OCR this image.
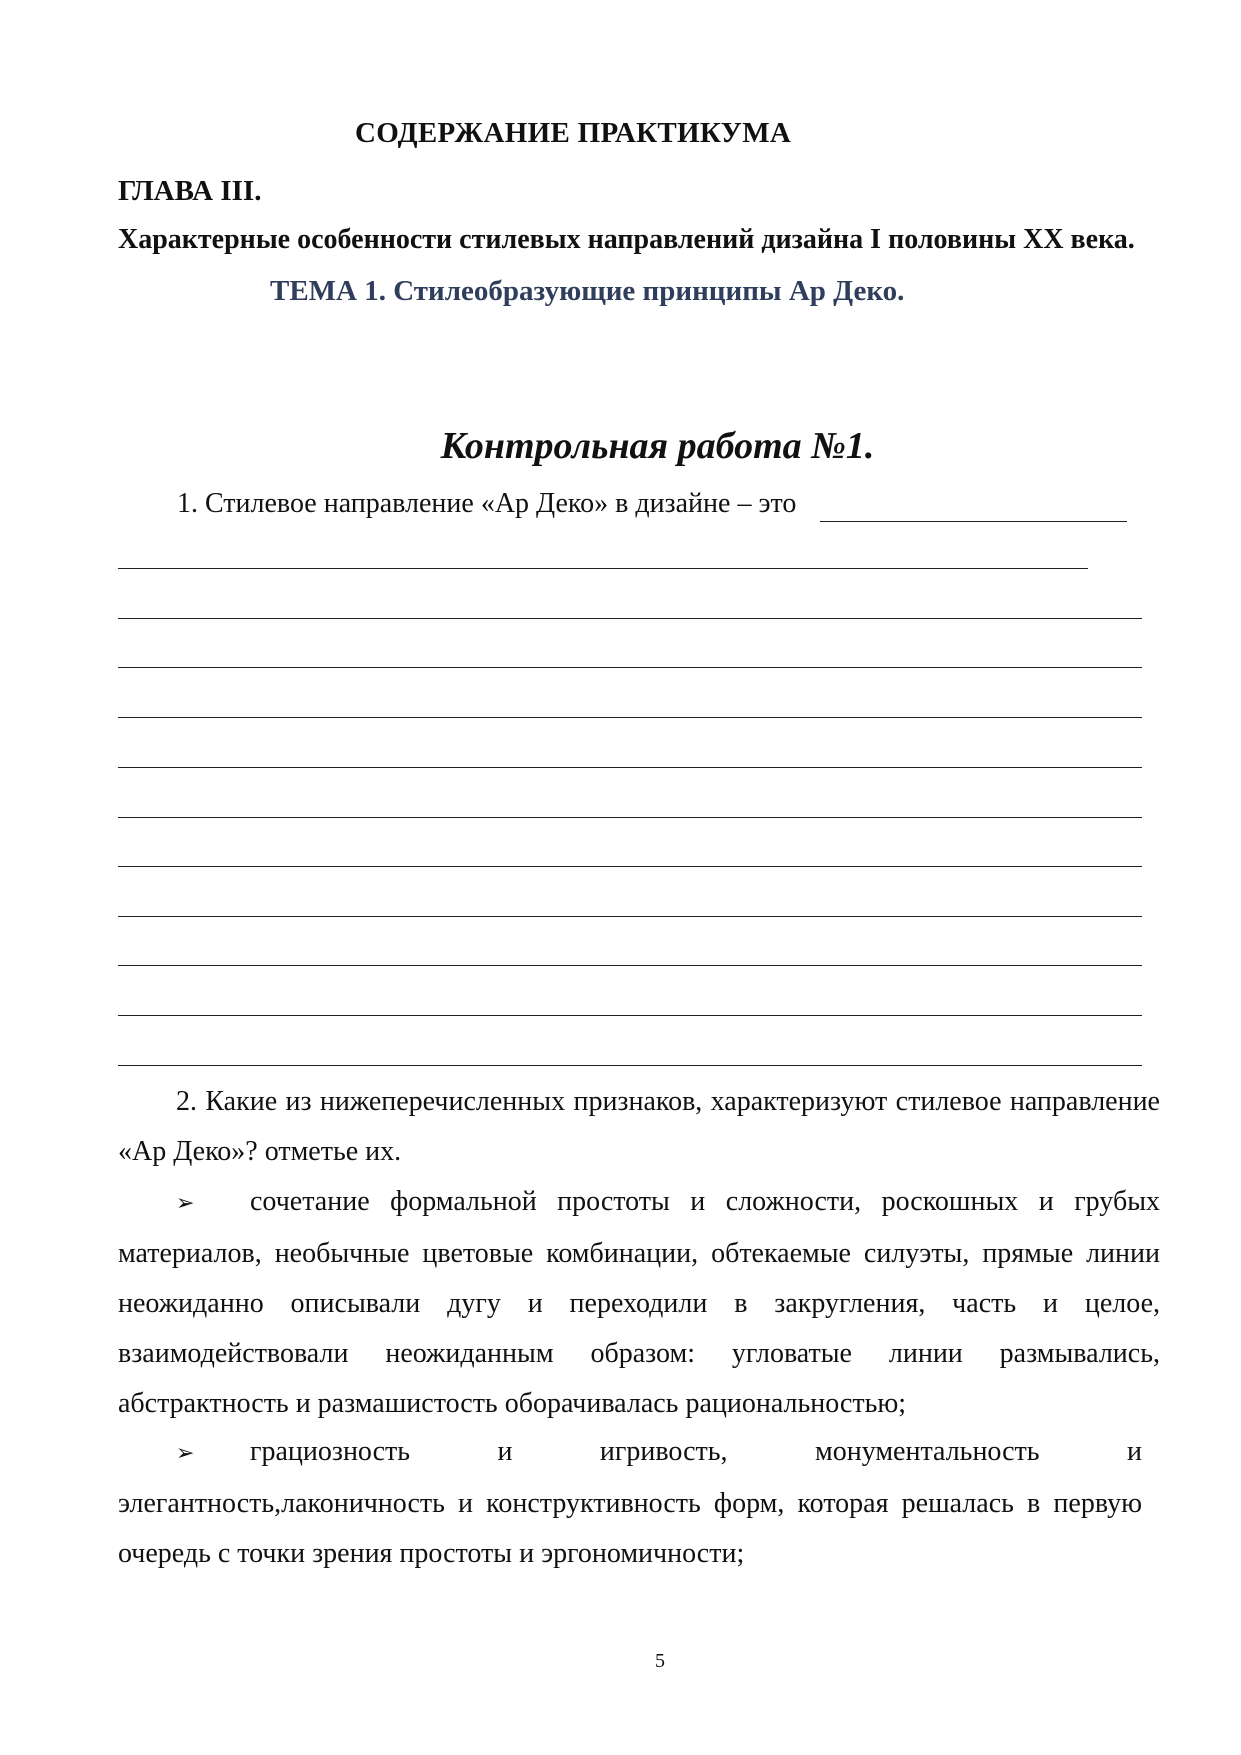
СОДЕРЖАНИЕ ПРАКТИКУМА
ГЛАВА III.
Характерные особенности стилевых направлений дизайна I половины XX века.
ТЕМА 1. Стилеобразующие принципы Ар Деко.
Контрольная работа №1.
1. Стилевое направление «Ар Деко» в дизайне – это
2. Какие из нижеперечисленных признаков, характеризуют стилевое направление «Ар Деко»? отметье их.
➢ сочетание формальной простоты и сложности, роскошных и грубых материалов, необычные цветовые комбинации, обтекаемые силуэты, прямые линии неожиданно описывали дугу и переходили в закругления, часть и целое, взаимодействовали неожиданным образом: угловатые линии размывались, абстрактность и размашистость оборачивалась рациональностью;
➢ грациозность и игривость, монументальность и элегантность,лаконичность и конструктивность форм, которая решалась в первую очередь с точки зрения простоты и эргономичности;
5
